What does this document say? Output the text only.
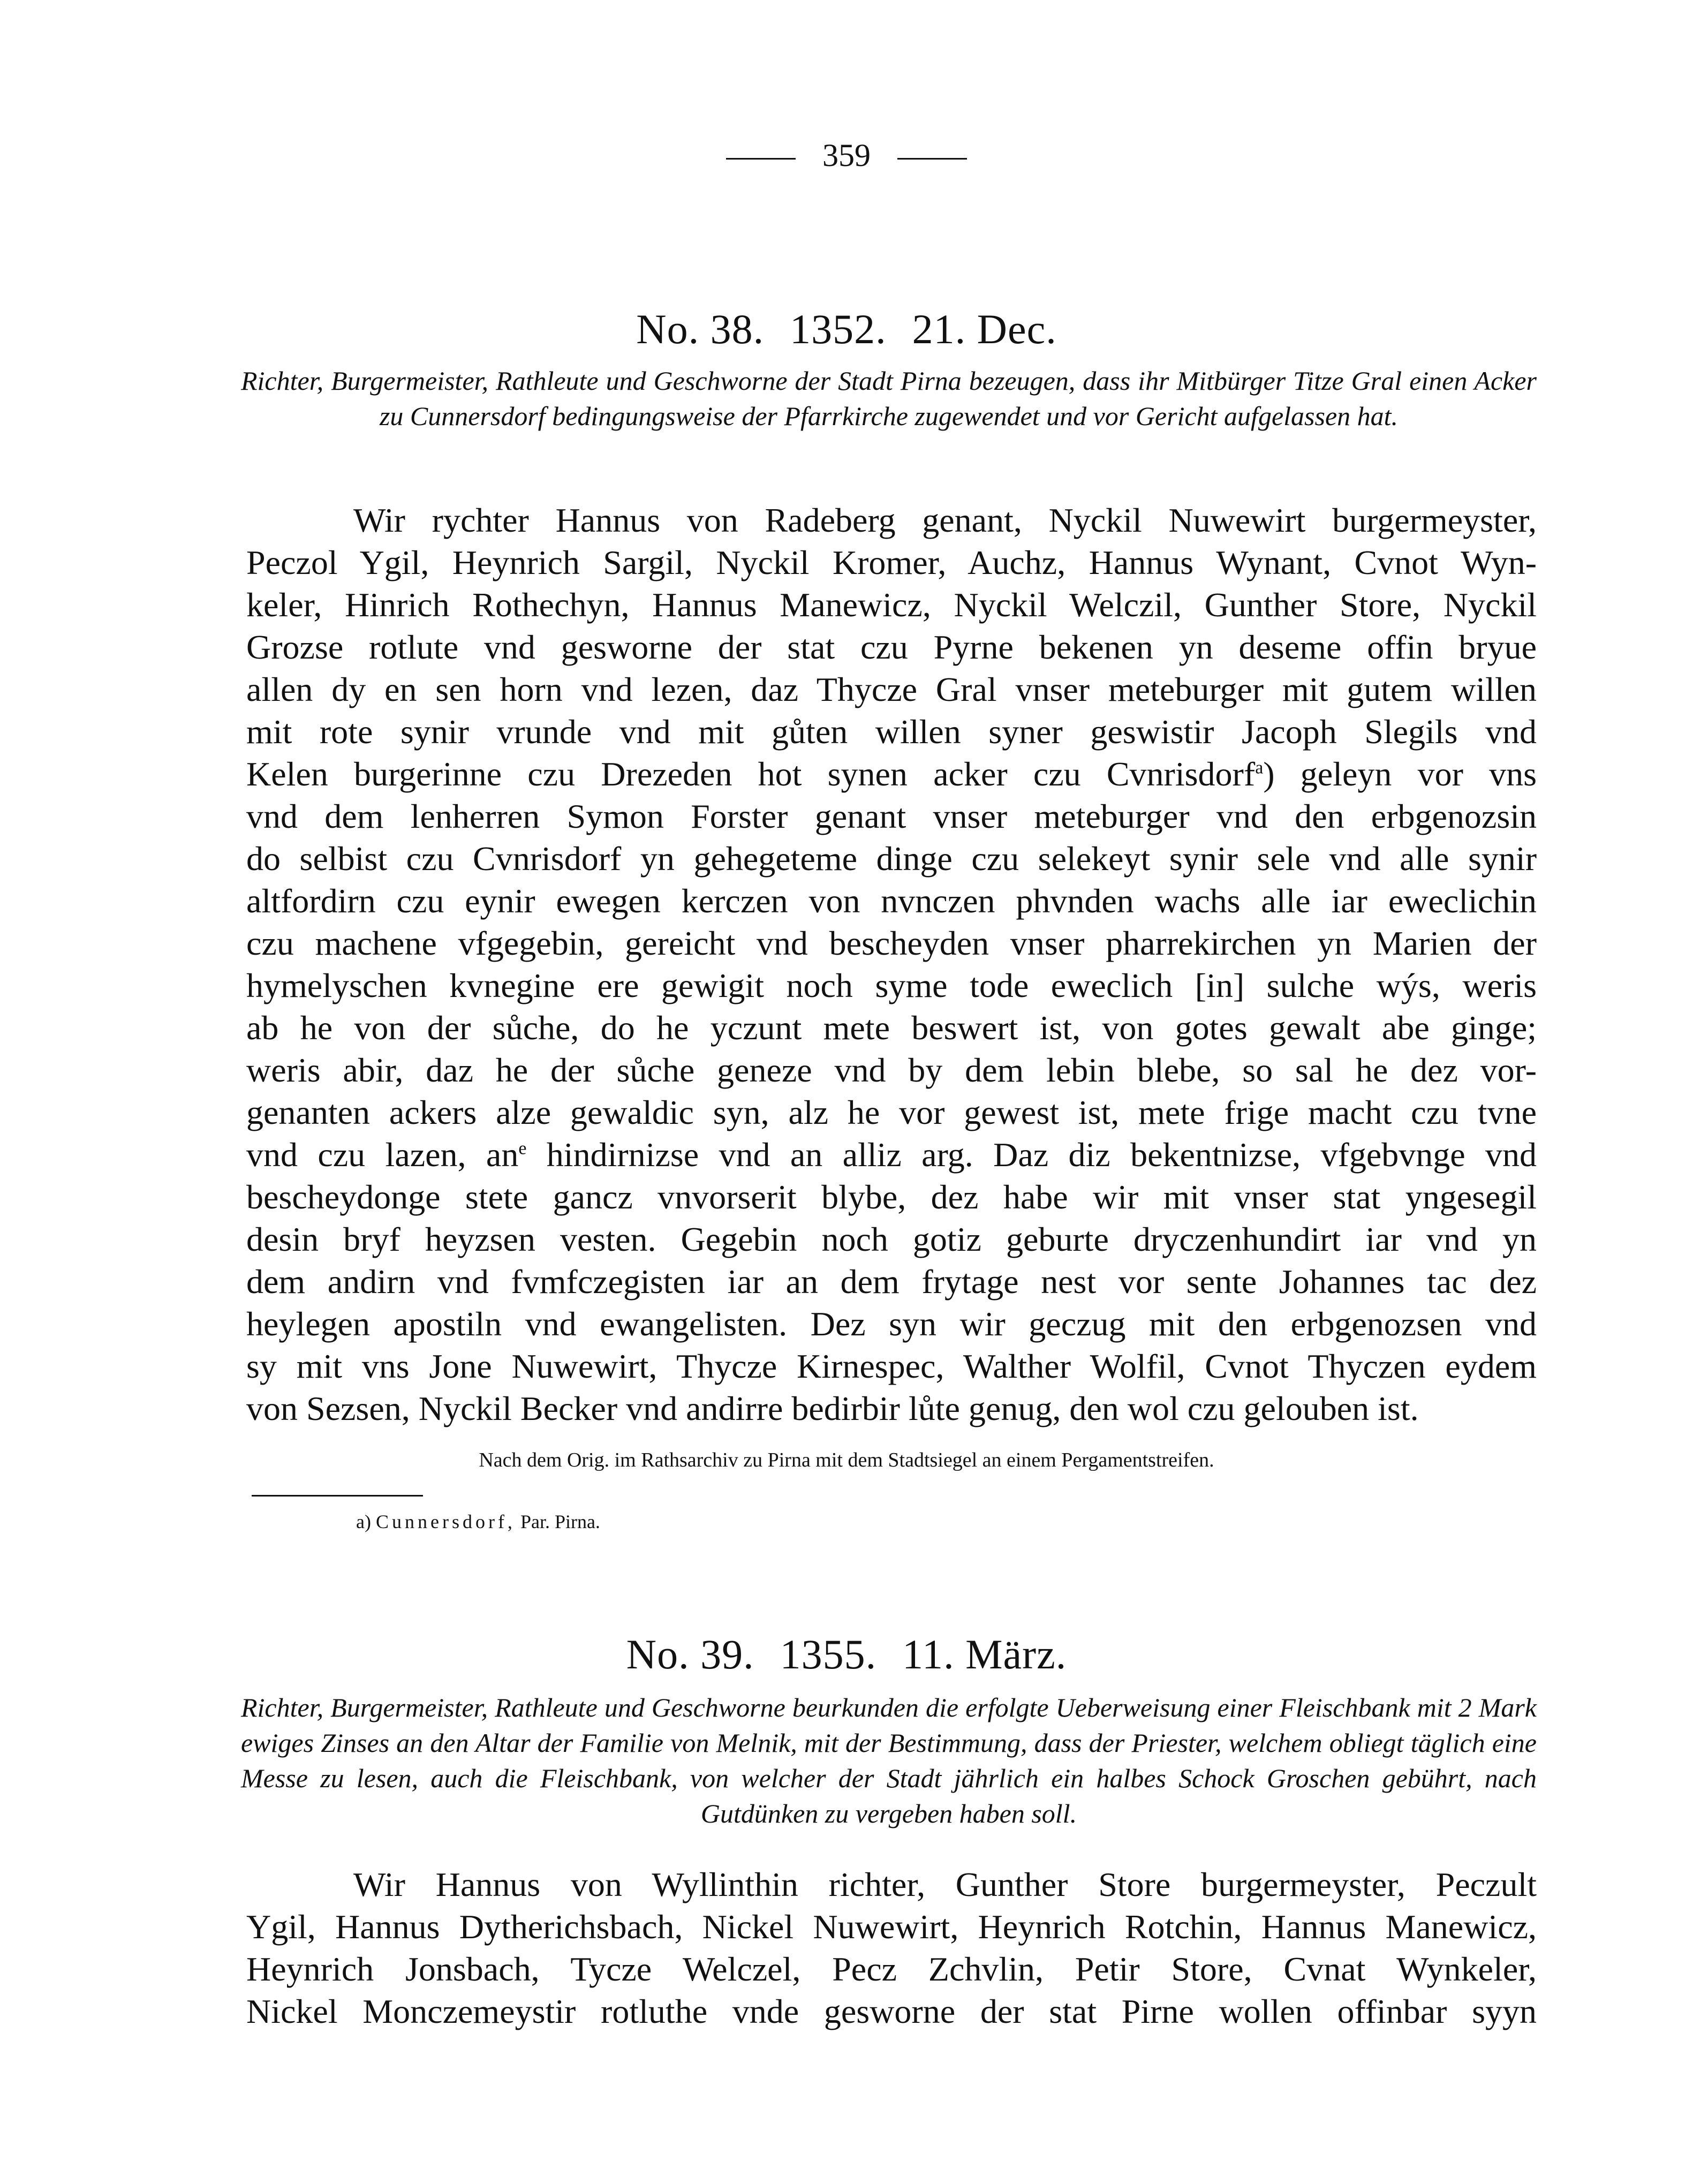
359
No. 38. 1352. 21. Dec.
Richter, Burgermeister, Rathleute und Geschworne der Stadt Pirna bezeugen, dass ihr Mitbürger Titze Gral einen Acker zu Cunnersdorf bedingungsweise der Pfarrkirche zugewendet und vor Gericht aufgelassen hat.
Wir rychter Hannus von Radeberg genant, Nyckil Nuwewirt burgermeyster,
Peczol Ygil, Heynrich Sargil, Nyckil Kromer, Auchz, Hannus Wynant, Cvnot Wyn-
keler, Hinrich Rothechyn, Hannus Manewicz, Nyckil Welczil, Gunther Store, Nyckil
Grozse rotlute vnd gesworne der stat czu Pyrne bekenen yn deseme offin bryue
allen dy en sen horn vnd lezen, daz Thycze Gral vnser meteburger mit gutem willen
mit rote synir vrunde vnd mit gůten willen syner geswistir Jacoph Slegils vnd
Kelen burgerinne czu Drezeden hot synen acker czu Cvnrisdorf$^a$) geleyn vor vns
vnd dem lenherren Symon Forster genant vnser meteburger vnd den erbgenozsin
do selbist czu Cvnrisdorf yn gehegeteme dinge czu selekeyt synir sele vnd alle synir
altfordirn czu eynir ewegen kerczen von nvnczen phvnden wachs alle iar eweclichin
czu machene vfgegebin, gereicht vnd bescheyden vnser pharrekirchen yn Marien der
hymelyschen kvnegine ere gewigit noch syme tode eweclich [in] sulche wýs, weris
ab he von der sůche, do he yczunt mete beswert ist, von gotes gewalt abe ginge;
weris abir, daz he der sůche geneze vnd by dem lebin blebe, so sal he dez vor-
genanten ackers alze gewaldic syn, alz he vor gewest ist, mete frige macht czu tvne
vnd czu lazen, $an^e$ hindirnizse vnd an alliz arg. Daz diz bekentnizse, vfgebvnge vnd
bescheydonge stete gancz vnvorserit blybe, dez habe wir mit vnser stat yngesegil
desin bryf heyzsen vesten. Gegebin noch gotiz geburte dryczenhundirt iar vnd yn
dem andirn vnd fvmfczegisten iar an dem frytage nest vor sente Johannes tac dez
heylegen apostiln vnd ewangelisten. Dez syn wir geczug mit den erbgenozsen vnd
sy mit vns Jone Nuwewirt, Thycze Kirnespec, Walther Wolfil, Cvnot Thyczen eydem
von Sezsen, Nyckil Becker vnd andirre bedirbir lůte genug, den wol czu gelouben ist.
Nach dem Orig. im Rathsarchiv zu Pirna mit dem Stadtsiegel an einem Pergamentstreifen.
a) Cunnersdorf, Par. Pirna.
No. 39. 1355. 11. März.
Richter, Burgermeister, Rathleute und Geschworne beurkunden die erfolgte Ueberweisung einer Fleischbank mit 2 Mark ewiges Zinses an den Altar der Familie von Melnik, mit der Bestimmung, dass der Priester, welchem obliegt täglich eine Messe zu lesen, auch die Fleischbank, von welcher der Stadt jährlich ein halbes Schock Groschen gebührt, nach Gutdünken zu vergeben haben soll.
Wir Hannus von Wyllinthin richter, Gunther Store burgermeyster, Peczult
Ygil, Hannus Dytherichsbach, Nickel Nuwewirt, Heynrich Rotchin, Hannus Manewicz,
Heynrich Jonsbach, Tycze Welczel, Pecz Zchvlin, Petir Store, Cvnat Wynkeler,
Nickel Monczemeystir rotluthe vnde gesworne der stat Pirne wollen offinbar syyn
